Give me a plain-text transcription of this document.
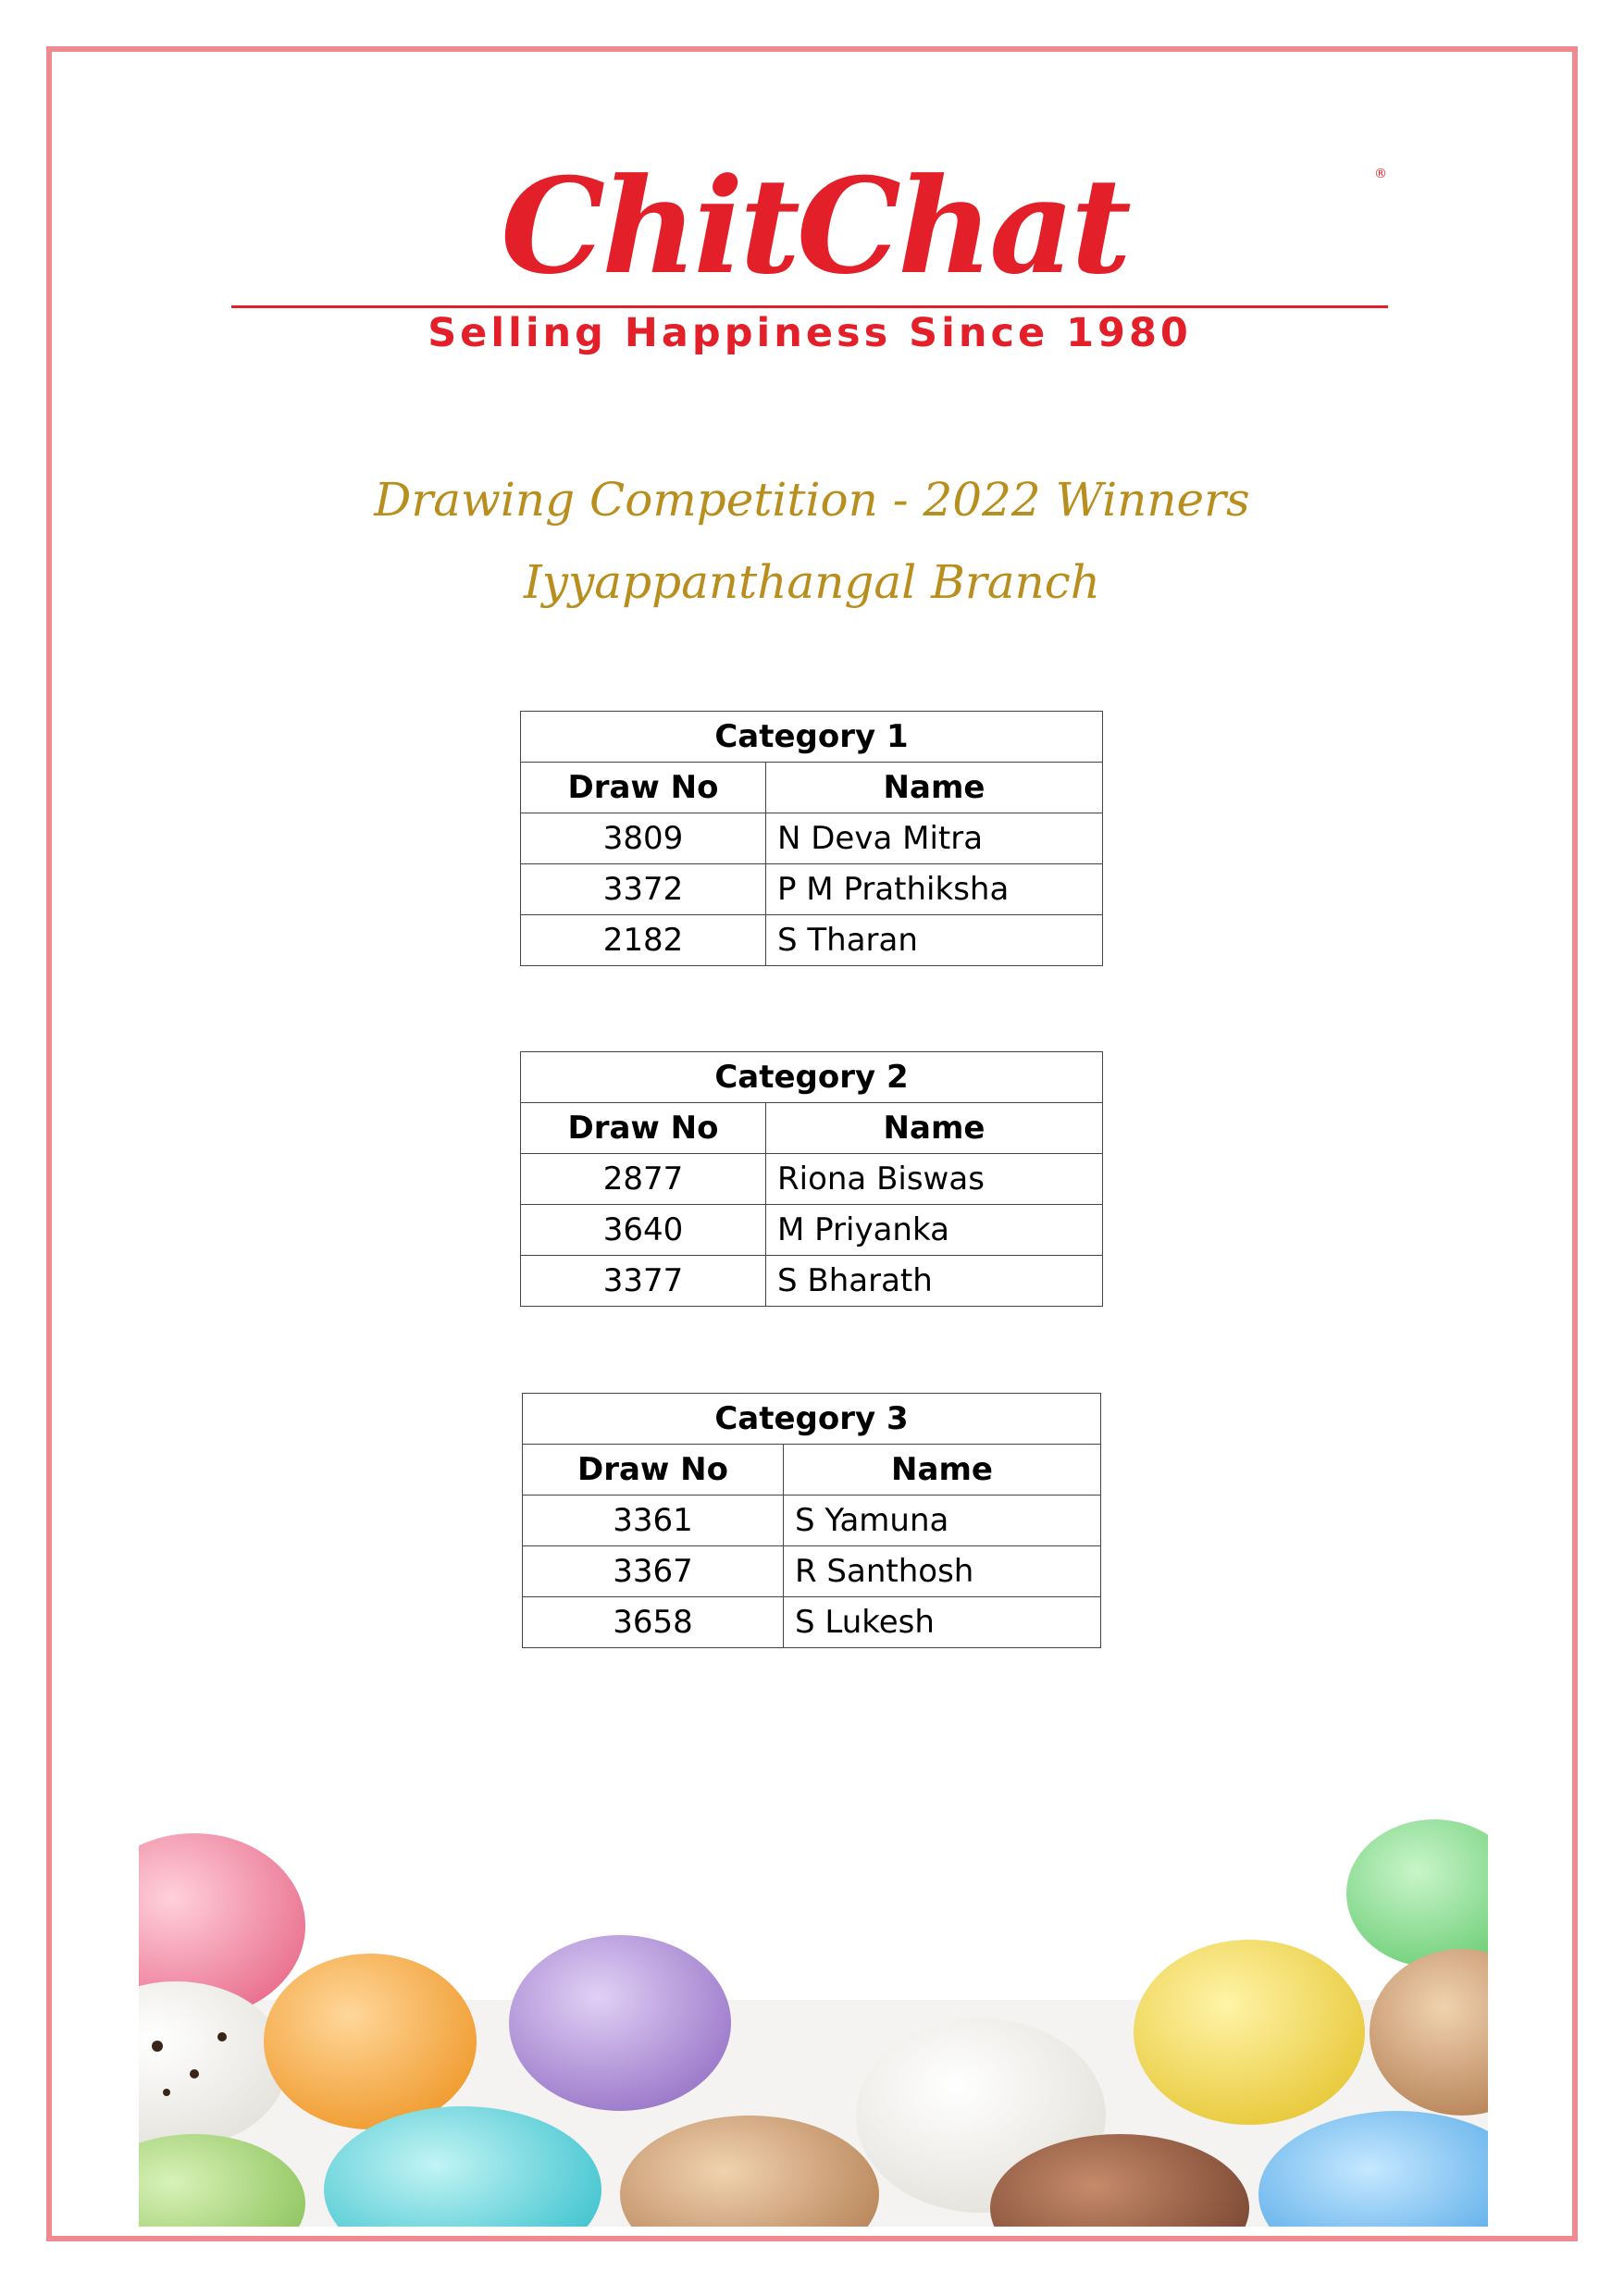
ChitChat	®
Selling Happiness Since 1980
Drawing Competition - 2022 Winners
Iyyappanthangal Branch
Category 1	
Draw No	Name
3809	N Deva Mitra
3372	P M Prathiksha
2182	S Tharan
Category 2	
Draw No	Name
2877	Riona Biswas
3640	M Priyanka
3377	S Bharath
Category 3	
Draw No	Name
3361	S Yamuna
3367	R Santhosh
3658	S Lukesh
